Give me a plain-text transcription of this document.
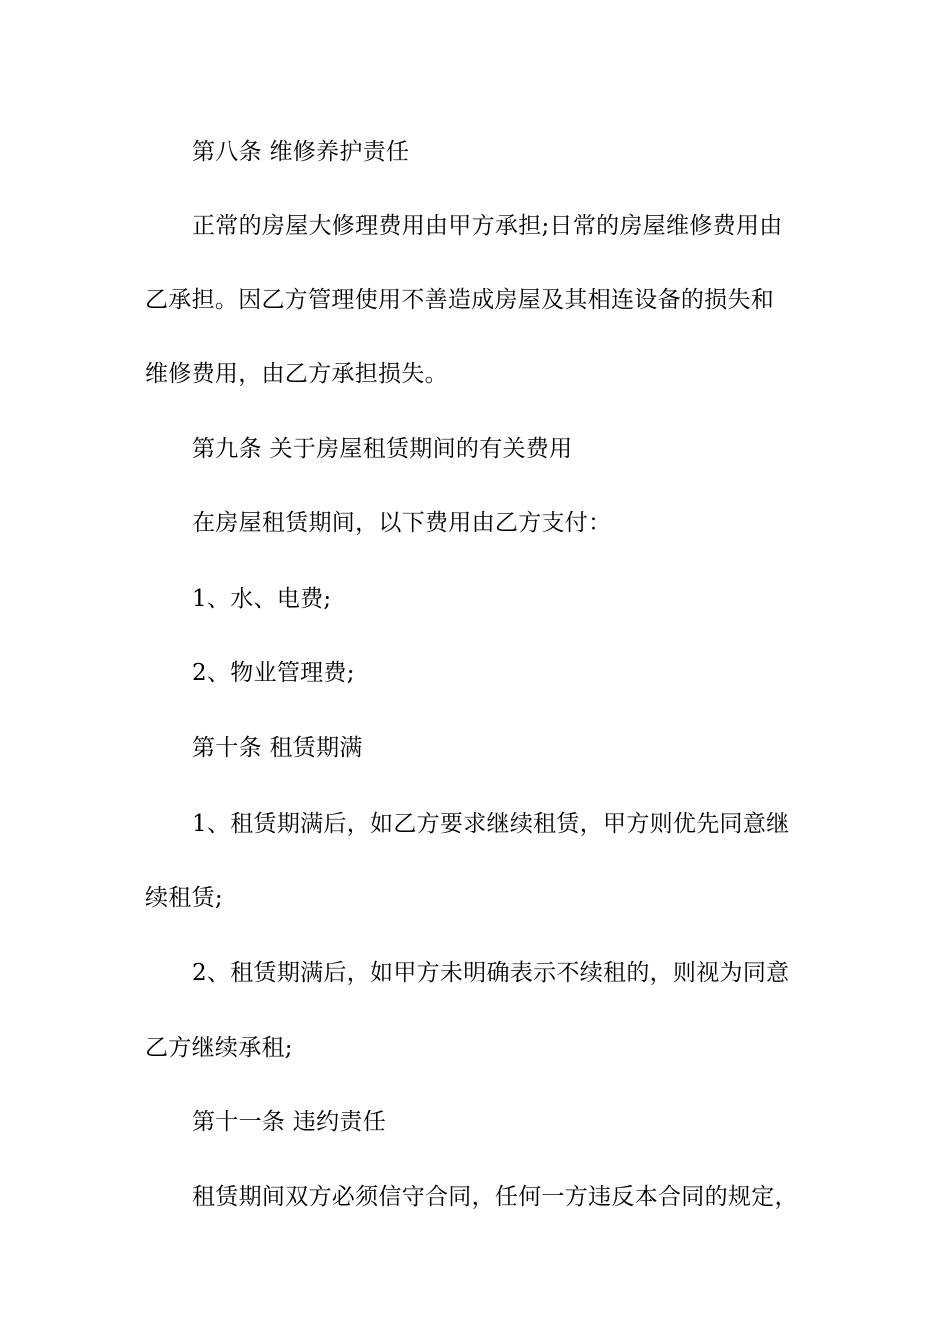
第八条 维修养护责任
正常的房屋大修理费用由甲方承担;日常的房屋维修费用由
乙承担。因乙方管理使用不善造成房屋及其相连设备的损失和
维修费用，由乙方承担损失。
第九条 关于房屋租赁期间的有关费用
在房屋租赁期间，以下费用由乙方支付：
1、水、电费;
2、物业管理费;
第十条 租赁期满
1、租赁期满后，如乙方要求继续租赁，甲方则优先同意继
续租赁;
2、租赁期满后，如甲方未明确表示不续租的，则视为同意
乙方继续承租;
第十一条 违约责任
租赁期间双方必须信守合同，任何一方违反本合同的规定，
